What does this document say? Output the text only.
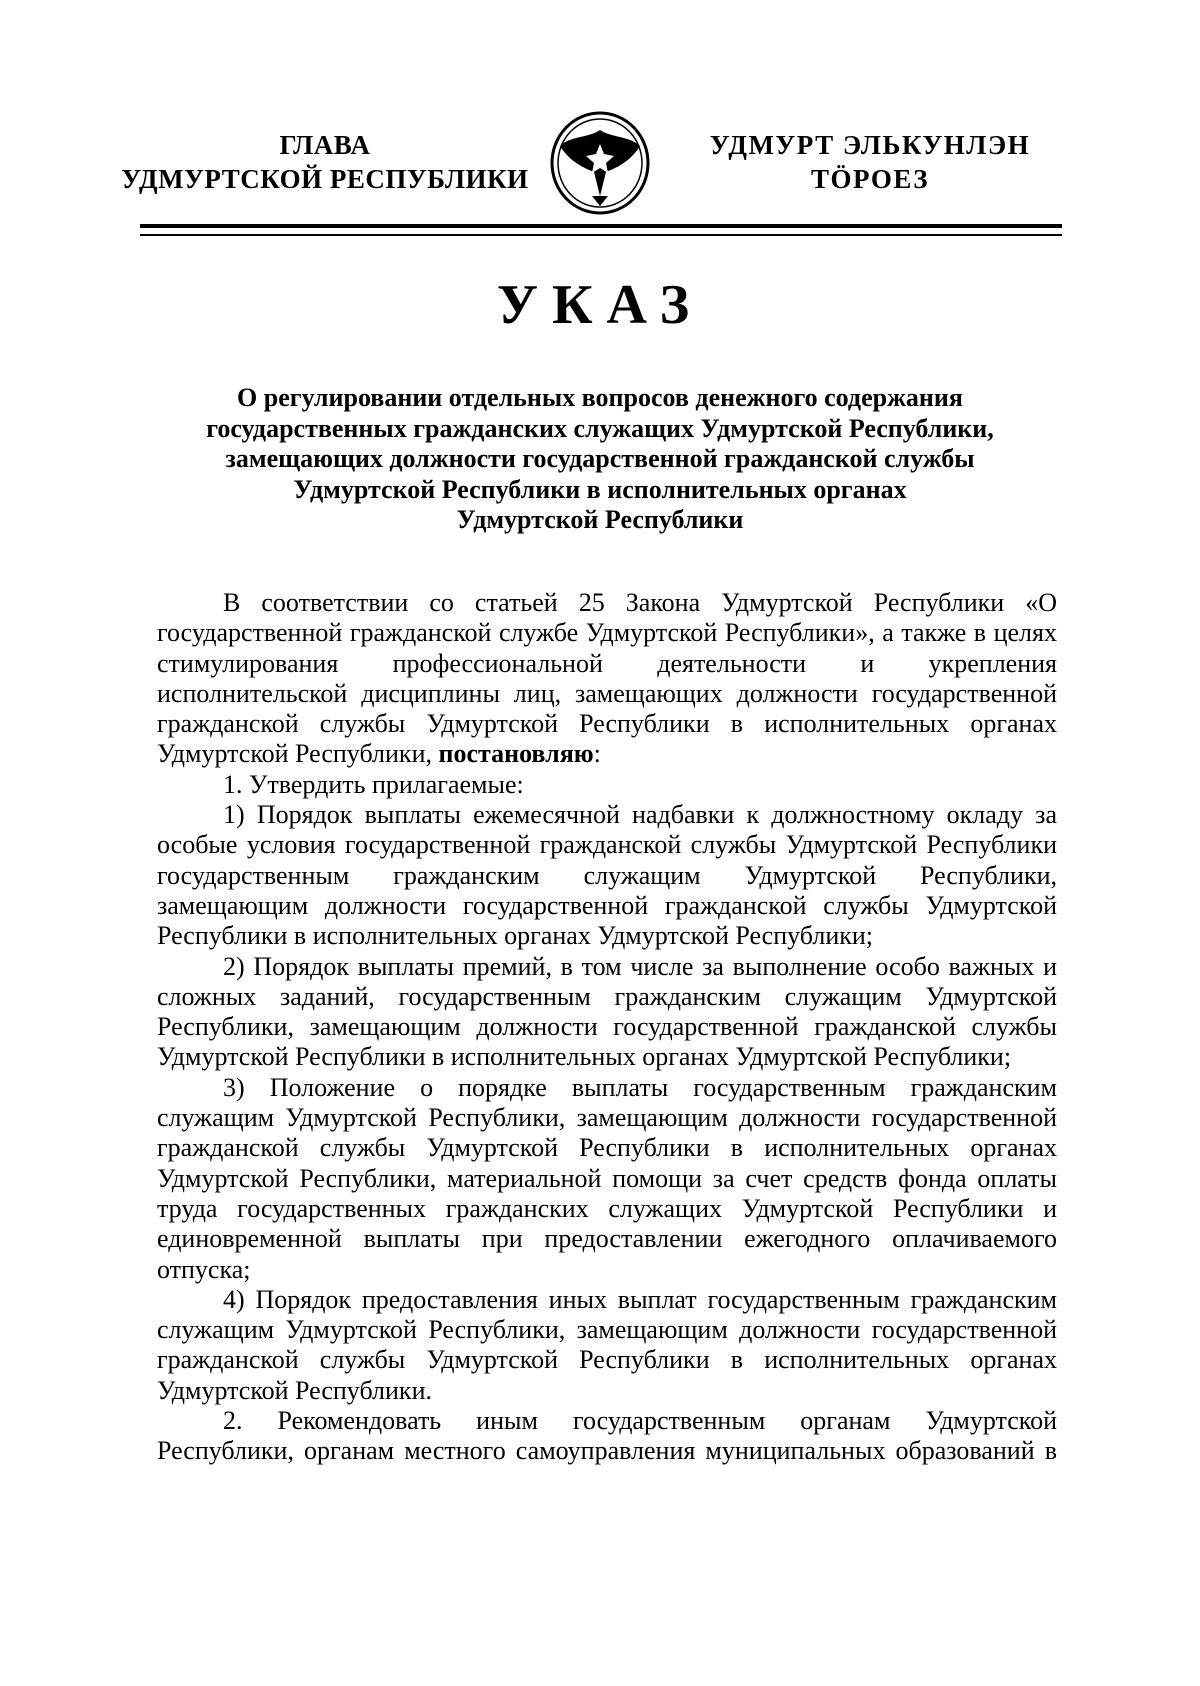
ГЛАВА
УДМУРТСКОЙ РЕСПУБЛИКИ
УДМУРТ ЭЛЬКУНЛЭН
ТӦРОЕЗ
УКАЗ
О регулировании отдельных вопросов денежного содержания
государственных гражданских служащих Удмуртской Республики,
замещающих должности государственной гражданской службы
Удмуртской Республики в исполнительных органах
Удмуртской Республики

В соответствии со статьей 25 Закона Удмуртской Республики «О государственной гражданской службе Удмуртской Республики», а также в целях стимулирования профессиональной деятельности и укрепления исполнительской дисциплины лиц, замещающих должности государственной гражданской службы Удмуртской Республики в исполнительных органах Удмуртской Республики, постановляю:

1. Утвердить прилагаемые:

1) Порядок выплаты ежемесячной надбавки к должностному окладу за особые условия государственной гражданской службы Удмуртской Республики государственным гражданским служащим Удмуртской Республики, замещающим должности государственной гражданской службы Удмуртской Республики в исполнительных органах Удмуртской Республики;

2) Порядок выплаты премий, в том числе за выполнение особо важных и сложных заданий, государственным гражданским служащим Удмуртской Республики, замещающим должности государственной гражданской службы Удмуртской Республики в исполнительных органах Удмуртской Республики;

3) Положение о порядке выплаты государственным гражданским служащим Удмуртской Республики, замещающим должности государственной гражданской службы Удмуртской Республики в исполнительных органах Удмуртской Республики, материальной помощи за счет средств фонда оплаты труда государственных гражданских служащих Удмуртской Республики и единовременной выплаты при предоставлении ежегодного оплачиваемого отпуска;

4) Порядок предоставления иных выплат государственным гражданским служащим Удмуртской Республики, замещающим должности государственной гражданской службы Удмуртской Республики в исполнительных органах Удмуртской Республики.

2. Рекомендовать иным государственным органам Удмуртской Республики, органам местного самоуправления муниципальных образований в
